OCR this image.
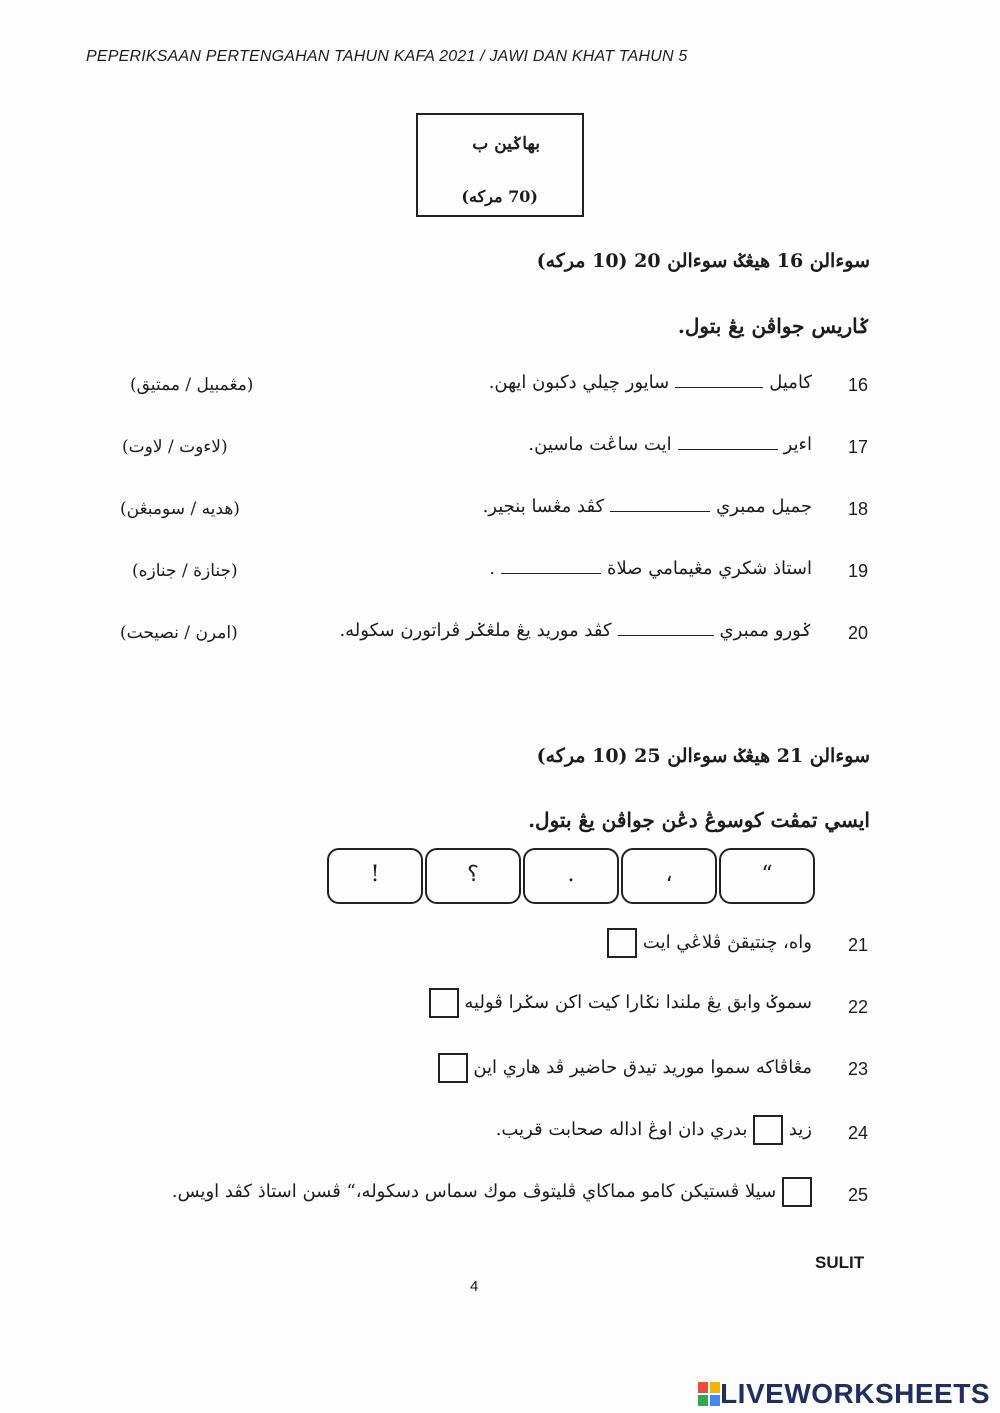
PEPERIKSAAN PERTENGAHAN TAHUN KAFA 2021 / JAWI DAN KHAT TAHUN 5
بهاݢين ب
(70 مركه)
سوءالن 16 هيڠݢ سوءالن 20 (10 مركه)
ݢاريس جواڤن يڠ بتول.
16
كاميلسايور چيلي دكبون ايهن.
(مڠمبيل / ممتيق)
17
اءيرايت ساڠت ماسين.
(لاءوت / لاوت)
18
جميل ممبريكڤد مڠسا بنجير.
(هديه / سومبڠن)
19
استاذ شكري مڠيمامي صلاة.
(جنازة / جنازه)
20
ݢورو ممبريكڤد موريد يڠ ملڠݢر ڤراتورن سكوله.
(امرن / نصيحت)
سوءالن 21 هيڠݢ سوءالن 25 (10 مركه)
ايسي تمڤت كوسوڠ دڠن جواڤن يڠ بتول.
“
،
.
؟
!
21
واه، چنتيقڽ ڤلاڠي ايت
22
سموݢ وابق يڠ ملندا نݢارا كيت اكن سݢرا ڤوليه
23
مڠاڤاكه سموا موريد تيدق حاضير ڤد هاري اين
24
زيد  بدري دان اوڠ اداله صحابت قريب.
25
سيلا ڤستيكن كامو مماكاي ڤليتوڤ موك سماس دسكوله،“ ڤسن استاذ كڤد اويس.
SULIT
4
LIVEWORKSHEETS
